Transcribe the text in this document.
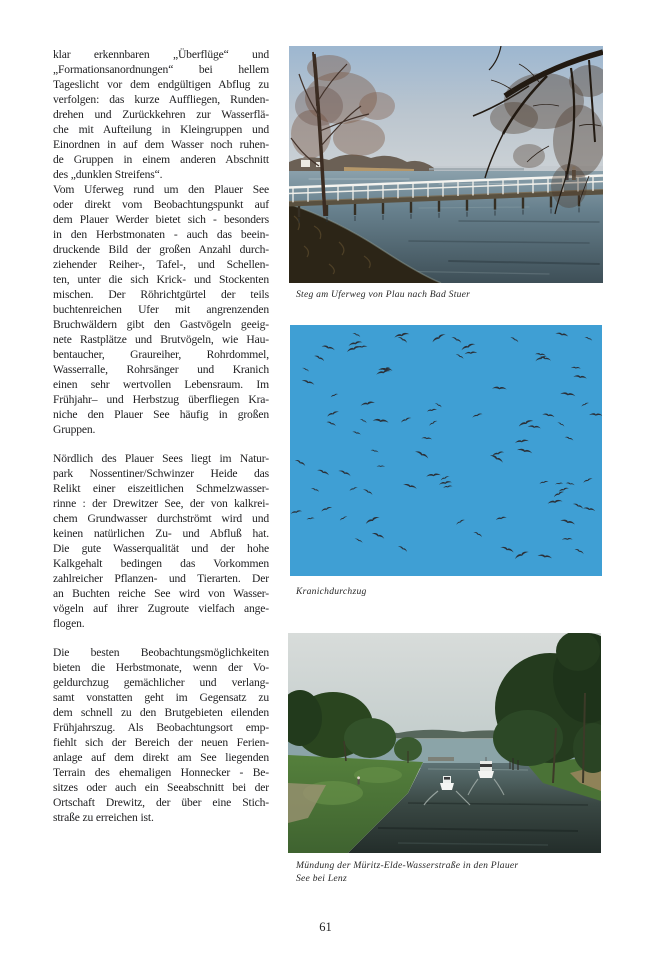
klar erkennbaren „Überflüge“ und
„Formationsanordnungen“ bei hellem
Tageslicht vor dem endgültigen Abflug zu
verfolgen: das kurze Auffliegen, Runden-
drehen und Zurückkehren zur Wasserflä-
che mit Aufteilung in Kleingruppen und
Einordnen in auf dem Wasser noch ruhen-
de Gruppen in einem anderen Abschnitt
des „dunklen Streifens“.
Vom Uferweg rund um den Plauer See
oder direkt vom Beobachtungspunkt auf
dem Plauer Werder bietet sich - besonders
in den Herbstmonaten - auch das beein-
druckende Bild der großen Anzahl durch-
ziehender Reiher-, Tafel-, und Schellen-
ten, unter die sich Krick- und Stockenten
mischen. Der Röhrichtgürtel der teils
buchtenreichen Ufer mit angrenzenden
Bruchwäldern gibt den Gastvögeln geeig-
nete Rastplätze und Brutvögeln, wie Hau-
bentaucher, Graureiher, Rohrdommel,
Wasserralle, Rohrsänger und Kranich
einen sehr wertvollen Lebensraum. Im
Frühjahr– und Herbstzug überfliegen Kra-
niche den Plauer See häufig in großen
Gruppen.
Nördlich des Plauer Sees liegt im Natur-
park Nossentiner/Schwinzer Heide das
Relikt einer eiszeitlichen Schmelzwasser-
rinne : der Drewitzer See, der von kalkrei-
chem Grundwasser durchströmt wird und
keinen natürlichen Zu- und Abfluß hat.
Die gute Wasserqualität und der hohe
Kalkgehalt bedingen das Vorkommen
zahlreicher Pflanzen- und Tierarten. Der
an Buchten reiche See wird von Wasser-
vögeln auf ihrer Zugroute vielfach ange-
flogen.
Die besten Beobachtungsmöglichkeiten
bieten die Herbstmonate, wenn der Vo-
geldurchzug gemächlicher und verlang-
samt vonstatten geht im Gegensatz zu
dem schnell zu den Brutgebieten eilenden
Frühjahrszug. Als Beobachtungsort emp-
fiehlt sich der Bereich der neuen Ferien-
anlage auf dem direkt am See liegenden
Terrain des ehemaligen Honnecker - Be-
sitzes oder auch ein Seeabschnitt bei der
Ortschaft Drewitz, der über eine Stich-
straße zu erreichen ist.
Steg am Uferweg von Plau nach Bad Stuer
Kranichdurchzug
Mündung der Müritz-Elde-Wasserstraße in den Plauer
See bei Lenz
61
